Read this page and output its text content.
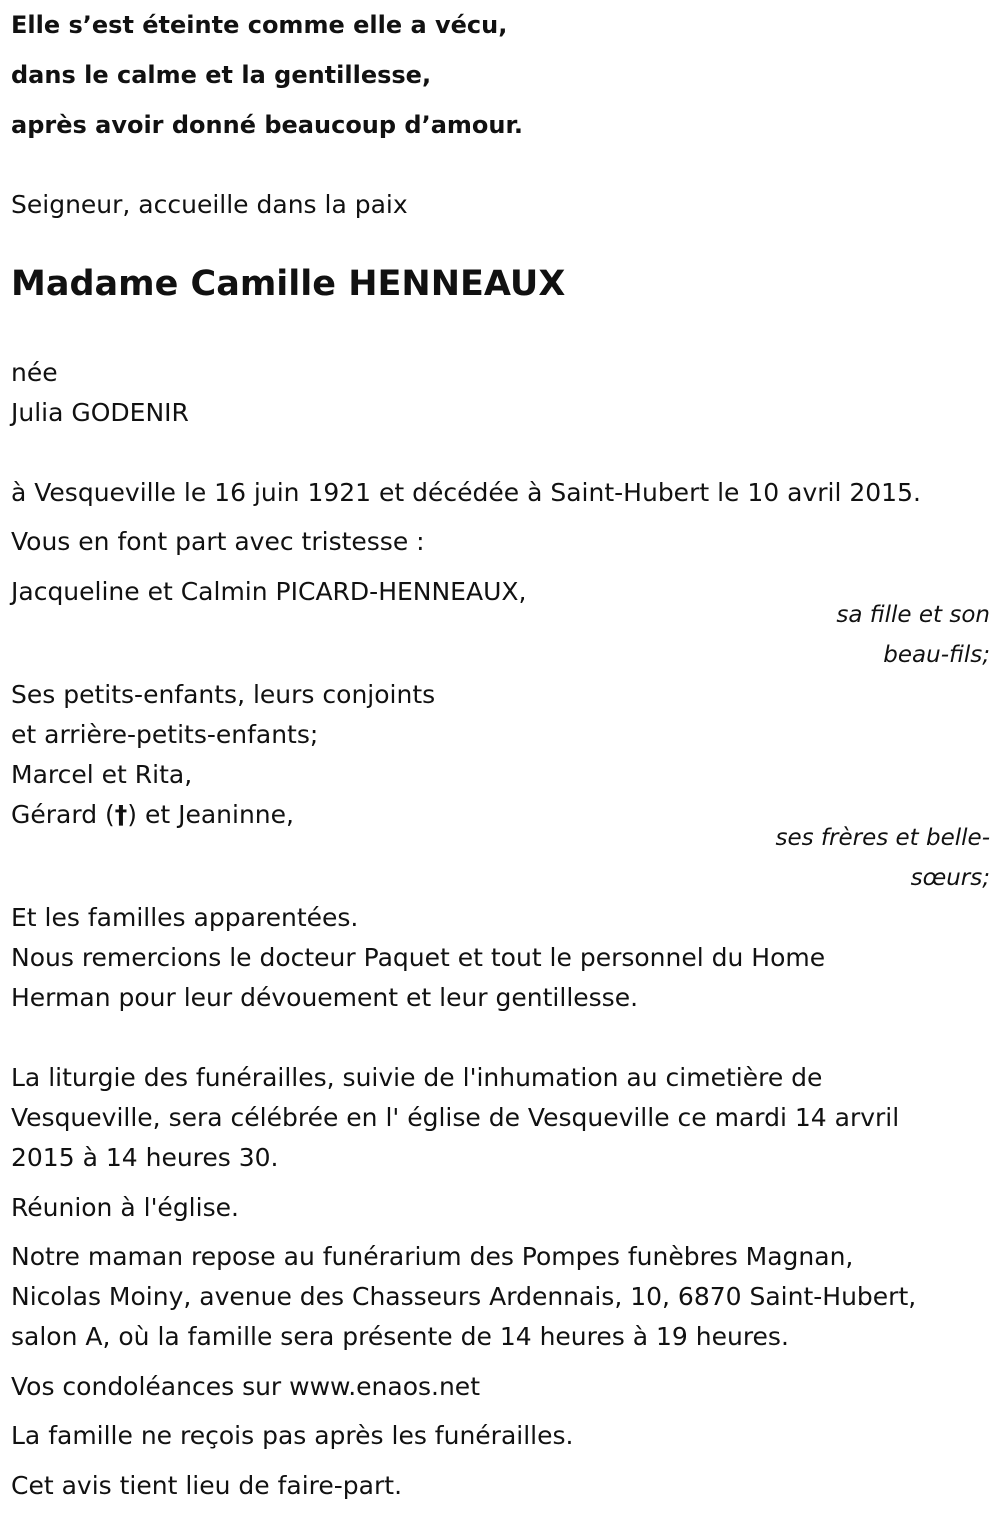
Elle s’est éteinte comme elle a vécu,

dans le calme et la gentillesse,

après avoir donné beaucoup d’amour.

Seigneur, accueille dans la paix

Madame Camille HENNEAUX

née

Julia GODENIR

à Vesqueville le 16 juin 1921 et décédée à Saint-Hubert le 10 avril 2015.

Vous en font part avec tristesse :

Jacqueline et Calmin PICARD-HENNEAUX,

sa fille et son
beau-fils;

Ses petits-enfants, leurs conjoints

et arrière-petits-enfants;

Marcel et Rita,

Gérard (†) et Jeaninne,

ses frères et belle-
sœurs;

Et les familles apparentées.

Nous remercions le docteur Paquet et tout le personnel du Home

Herman pour leur dévouement et leur gentillesse.

La liturgie des funérailles, suivie de l'inhumation au cimetière de

Vesqueville, sera célébrée en l' église de Vesqueville ce mardi 14 arvril

2015 à 14 heures 30.

Réunion à l'église.

Notre maman repose au funérarium des Pompes funèbres Magnan,

Nicolas Moiny, avenue des Chasseurs Ardennais, 10, 6870 Saint-Hubert,

salon A, où la famille sera présente de 14 heures à 19 heures.

Vos condoléances sur www.enaos.net

La famille ne reçois pas après les funérailles.

Cet avis tient lieu de faire-part.
